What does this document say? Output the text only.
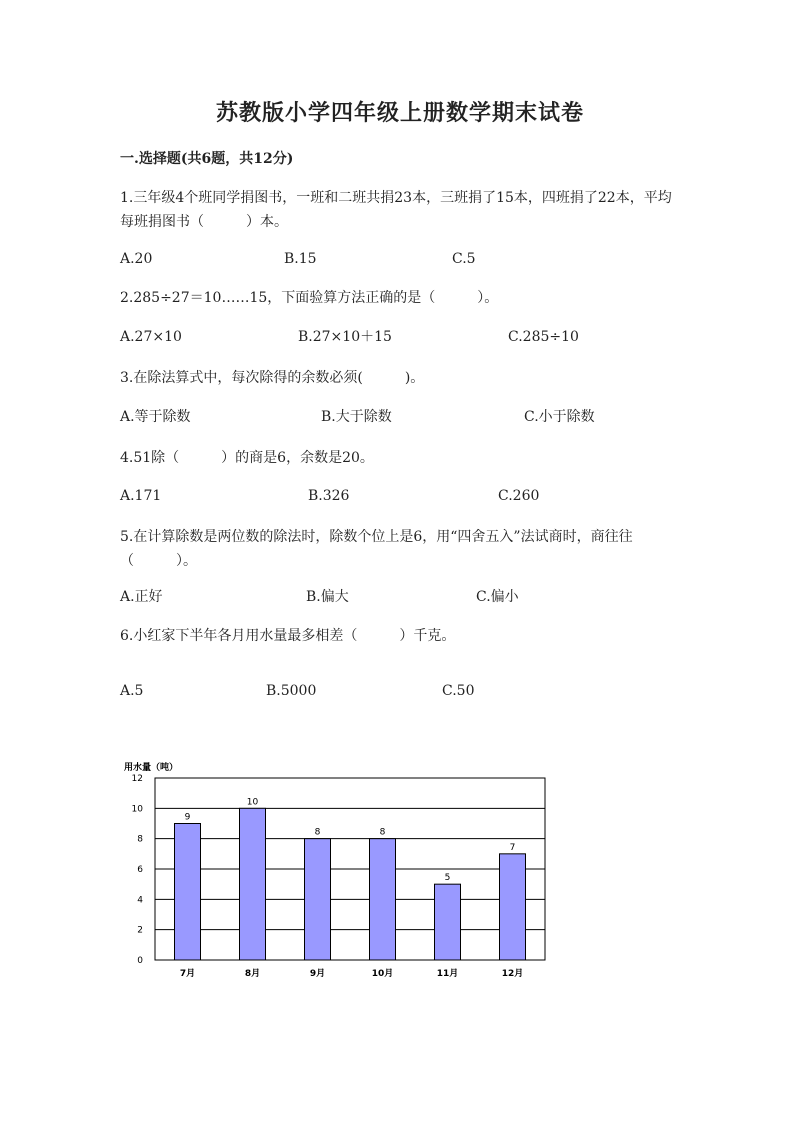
苏教版小学四年级上册数学期末试卷
一.选择题(共6题，共12分)
1.三年级4个班同学捐图书，一班和二班共捐23本，三班捐了15本，四班捐了22本，平均每班捐图书（　　　）本。
A.20	B.15	C.5
2.285÷27＝10……15，下面验算方法正确的是（　　　）。
A.27×10	B.27×10＋15	C.285÷10
3.在除法算式中，每次除得的余数必须(　　　)。
A.等于除数	B.大于除数	C.小于除数
4.51除（　　　）的商是6，余数是20。
A.171	B.326	C.260
5.在计算除数是两位数的除法时，除数个位上是6，用“四舍五入”法试商时，商往往（　　　）。
A.正好	B.偏大	C.偏小
6.小红家下半年各月用水量最多相差（　　　）千克。
A.5	B.5000	C.50
用水量（吨）
0
2
4
6
8
10
12
9
10
8	8
5
7
7月	8月	9月	10月	11月	12月
